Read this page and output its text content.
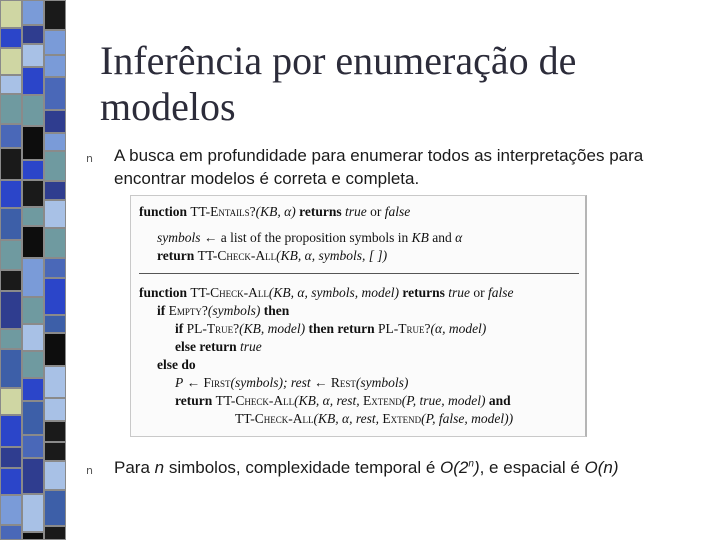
Inferência por enumeração de modelos
n A busca em profundidade para enumerar todos as interpretações para encontrar modelos é correta e completa.
function TT-Entails?(KB, α) returns true or false
symbols ← a list of the proposition symbols in KB and α
return TT-Check-All(KB, α, symbols, [ ])
function TT-Check-All(KB, α, symbols, model) returns true or false
if Empty?(symbols) then
if PL-True?(KB, model) then return PL-True?(α, model)
else return true
else do
P ← First(symbols); rest ← Rest(symbols)
return TT-Check-All(KB, α, rest, Extend(P, true, model) and
TT-Check-All(KB, α, rest, Extend(P, false, model))
n Para n simbolos, complexidade temporal é O(2$^n$), e espacial é O(n)
